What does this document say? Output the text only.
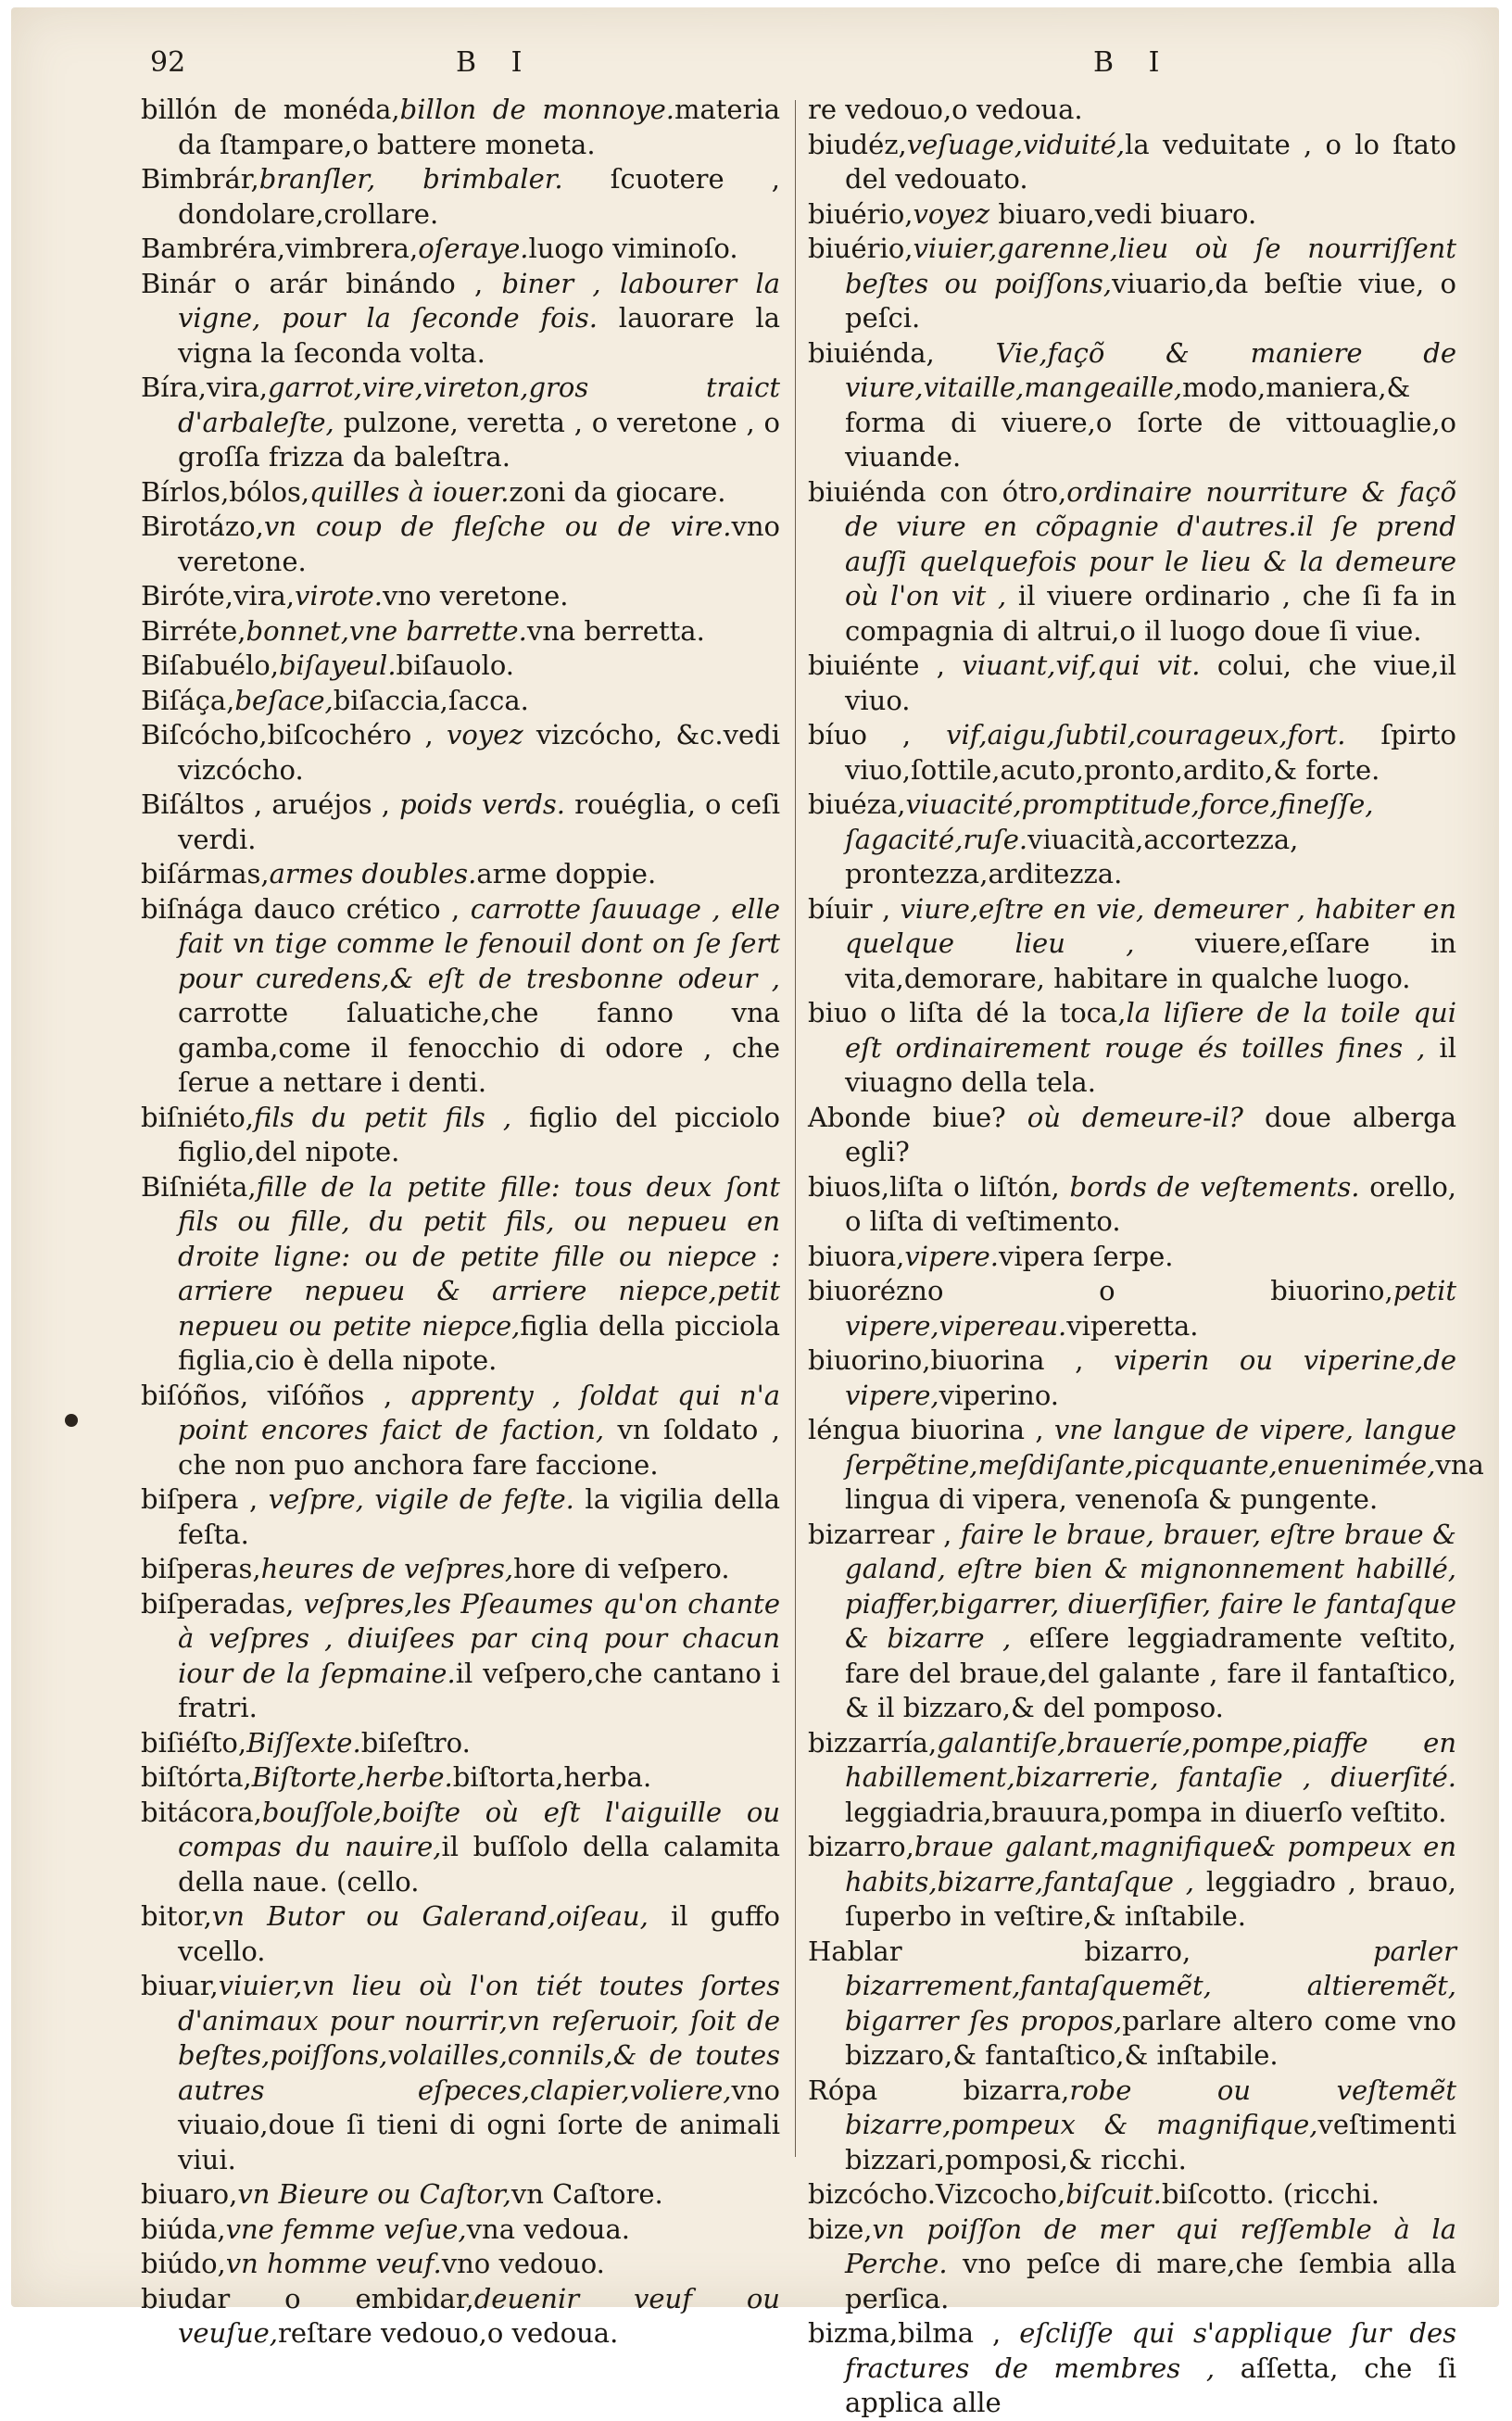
92	B I	B I

billón de monéda,billon de monnoye.materia da ſtampare,o battere moneta.

Bimbrár,branſler, brimbaler. ſcuotere , dondolare,crollare.

Bambréra,vimbrera,oſeraye.luogo viminoſo.

Binár o arár binándo , biner , labourer la vigne, pour la ſeconde fois. lauorare la vigna la ſeconda volta.

Bíra,vira,garrot,vire,vireton,gros traict d'arbaleſte, pulzone, veretta , o veretone , o groſſa frizza da baleſtra.

Bírlos,bólos,quilles à iouer.zoni da giocare.

Birotázo,vn coup de fleſche ou de vire.vno veretone.

Biróte,vira,virote.vno veretone.

Birréte,bonnet,vne barrette.vna berretta.

Biſabuélo,biſayeul.biſauolo.

Biſáça,beſace,biſaccia,ſacca.

Biſcócho,biſcochéro , voyez vizcócho, &c.vedi vizcócho.

Biſáltos , aruéjos , poids verds. rouéglia, o ceſi verdi.

biſármas,armes doubles.arme doppie.

biſnága dauco crético , carrotte ſauuage , elle fait vn tige comme le fenouil dont on ſe ſert pour curedens,& eſt de tresbonne odeur , carrotte ſaluatiche,che fanno vna gamba,come il fenocchio di odore , che ſerue a nettare i denti.

biſniéto,fils du petit fils , figlio del picciolo figlio,del nipote.

Biſniéta,fille de la petite fille: tous deux ſont fils ou fille, du petit fils, ou nepueu en droite ligne: ou de petite fille ou niepce : arriere nepueu & arriere niepce,petit nepueu ou petite niepce,figlia della picciola figlia,cio è della nipote.

biſóños, viſóños , apprenty , ſoldat qui n'a point encores faict de faction, vn ſoldato , che non puo anchora fare faccione.

biſpera , veſpre, vigile de feſte. la vigilia della feſta.

biſperas,heures de veſpres,hore di veſpero.

biſperadas, veſpres,les Pſeaumes qu'on chante à veſpres , diuiſees par cinq pour chacun iour de la ſepmaine.il veſpero,che cantano i fratri.

biſiéſto,Biſſexte.biſeſtro.

biſtórta,Biſtorte,herbe.biſtorta,herba.

bitácora,bouſſole,boiſte où eſt l'aiguille ou compas du nauire,il buſſolo della calamita della naue. (cello.

bitor,vn Butor ou Galerand,oiſeau, il guffo vcello.

biuar,viuier,vn lieu où l'on tiét toutes ſortes d'animaux pour nourrir,vn reſeruoir, ſoit de beſtes,poiſſons,volailles,connils,& de toutes autres eſpeces,clapier,voliere,vno viuaio,doue ſi tieni di ogni ſorte de animali viui.

biuaro,vn Bieure ou Caſtor,vn Caſtore.

biúda,vne femme veſue,vna vedoua.

biúdo,vn homme veuf.vno vedouo.

biudar o embidar,deuenir veuf ou veuſue,reſtare vedouo,o vedoua.

re vedouo,o vedoua.

biudéz,veſuage,viduité,la veduitate , o lo ſtato del vedouato.

biuério,voyez biuaro,vedi biuaro.

biuério,viuier,garenne,lieu où ſe nourriſſent beſtes ou poiſſons,viuario,da beſtie viue, o peſci.

biuiénda, Vie,façõ & maniere de viure,vitaille,mangeaille,modo,maniera,& forma di viuere,o ſorte de vittouaglie,o viuande.

biuiénda con ótro,ordinaire nourriture & façõ de viure en cõpagnie d'autres.il ſe prend auſſi quelquefois pour le lieu & la demeure où l'on vit , il viuere ordinario , che ſi fa in compagnia di altrui,o il luogo doue ſi viue.

biuiénte , viuant,vif,qui vit. colui, che viue,il viuo.

bíuo , vif,aigu,ſubtil,courageux,fort. ſpirto viuo,ſottile,acuto,pronto,ardito,& forte.

biuéza,viuacité,promptitude,force,fineſſe, ſagacité,ruſe.viuacità,accortezza, prontezza,arditezza.

bíuir , viure,eſtre en vie, demeurer , habiter en quelque lieu , viuere,eſſare in vita,demorare, habitare in qualche luogo.

biuo o liſta dé la toca,la liſiere de la toile qui eſt ordinairement rouge és toilles fines , il viuagno della tela.

Abonde biue? où demeure-il? doue alberga egli?

biuos,liſta o liſtón, bords de veſtements. orello, o liſta di veſtimento.

biuora,vipere.vipera ſerpe.

biuorézno o biuorino,petit vipere,vipereau.viperetta.

biuorino,biuorina , viperin ou viperine,de vipere,viperino.

léngua biuorina , vne langue de vipere, langue ſerpẽtine,meſdiſante,picquante,enuenimée,vna lingua di vipera, venenoſa & pungente.

bizarrear , faire le braue, brauer, eſtre braue & galand, eſtre bien & mignonnement habillé, piaffer,bigarrer, diuerſifier, faire le fantaſque & bizarre , eſſere leggiadramente veſtito, fare del braue,del galante , fare il fantaſtico, & il bizzaro,& del pomposo.

bizzarría,galantiſe,braueríe,pompe,piaffe en habillement,bizarrerie, fantaſie , diuerſité. leggiadria,brauura,pompa in diuerſo veſtito.

bizarro,braue galant,magnifique& pompeux en habits,bizarre,fantaſque , leggiadro , brauo, ſuperbo in veſtire,& inſtabile.

Hablar bizarro, parler bizarrement,fantaſquemẽt, altieremẽt, bigarrer ſes propos,parlare altero come vno bizzaro,& fantaſtico,& inſtabile.

Rópa bizarra,robe ou veſtemẽt bizarre,pompeux & magnifique,veſtimenti bizzari,pomposi,& ricchi.

bizcócho.Vizcocho,biſcuit.biſcotto. (ricchi.

bize,vn poiſſon de mer qui reſſemble à la Perche. vno peſce di mare,che ſembia alla perſica.

bizma,bilma , eſcliſſe qui s'applique ſur des fractures de membres , aſſetta, che ſi applica alle
